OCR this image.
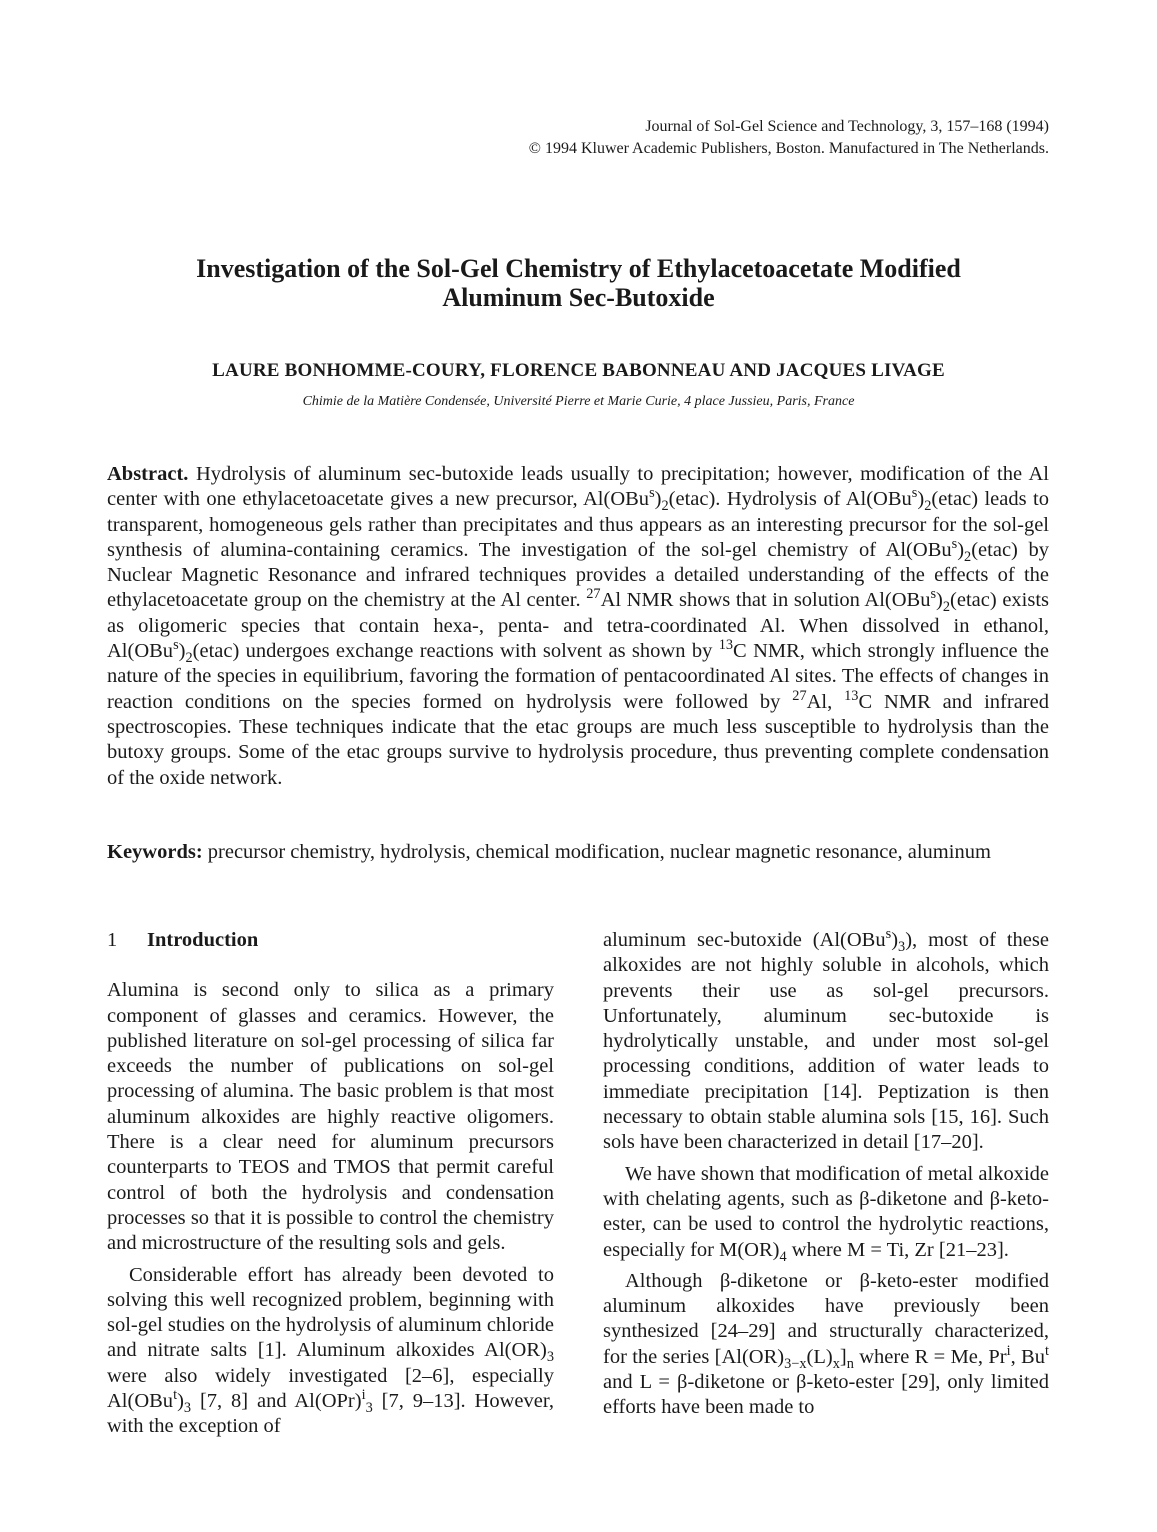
Journal of Sol-Gel Science and Technology, 3, 157–168 (1994)
© 1994 Kluwer Academic Publishers, Boston. Manufactured in The Netherlands.
Investigation of the Sol-Gel Chemistry of Ethylacetoacetate Modified
Aluminum Sec-Butoxide
LAURE BONHOMME-COURY, FLORENCE BABONNEAU AND JACQUES LIVAGE
Chimie de la Matière Condensée, Université Pierre et Marie Curie, 4 place Jussieu, Paris, France
Abstract. Hydrolysis of aluminum sec-butoxide leads usually to precipitation; however, modification of the Al center with one ethylacetoacetate gives a new precursor, $Al(OBu^s)_2(etac)$. Hydrolysis of $Al(OBu^s)_2(etac)$ leads to transparent, homogeneous gels rather than precipitates and thus appears as an interesting precursor for the sol-gel synthesis of alumina-containing ceramics. The investigation of the sol-gel chemistry of $Al(OBu^s)_2(etac)$ by Nuclear Magnetic Resonance and infrared techniques provides a detailed understanding of the effects of the ethylacetoacetate group on the chemistry at the Al center. $^{27}$Al NMR shows that in solution $Al(OBu^s)_2(etac)$ exists as oligomeric species that contain hexa-, penta- and tetra-coordinated Al. When dissolved in ethanol, $Al(OBu^s)_2(etac)$ undergoes exchange reactions with solvent as shown by $^{13}$C NMR, which strongly influence the nature of the species in equilibrium, favoring the formation of pentacoordinated Al sites. The effects of changes in reaction conditions on the species formed on hydrolysis were followed by $^{27}$Al, $^{13}$C NMR and infrared spectroscopies. These techniques indicate that the etac groups are much less susceptible to hydrolysis than the butoxy groups. Some of the etac groups survive to hydrolysis procedure, thus preventing complete condensation of the oxide network.
Keywords: precursor chemistry, hydrolysis, chemical modification, nuclear magnetic resonance, aluminum
1 Introduction

Alumina is second only to silica as a primary component of glasses and ceramics. However, the published literature on sol-gel processing of silica far exceeds the number of publications on sol-gel processing of alumina. The basic problem is that most aluminum alkoxides are highly reactive oligomers. There is a clear need for aluminum precursors counterparts to TEOS and TMOS that permit careful control of both the hydrolysis and condensation processes so that it is possible to control the chemistry and microstructure of the resulting sols and gels.

Considerable effort has already been devoted to solving this well recognized problem, beginning with sol-gel studies on the hydrolysis of aluminum chloride and nitrate salts [1]. Aluminum alkoxides $Al(OR)_3$ were also widely investigated [2–6], especially $Al(OBu^t)_3$ [7, 8] and Al(OPr)$^i_3$ [7, 9–13]. However, with the exception of

aluminum sec-butoxide $(Al(OBu^s)_3)$, most of these alkoxides are not highly soluble in alcohols, which prevents their use as sol-gel precursors. Unfortunately, aluminum sec-butoxide is hydrolytically unstable, and under most sol-gel processing conditions, addition of water leads to immediate precipitation [14]. Peptization is then necessary to obtain stable alumina sols [15, 16]. Such sols have been characterized in detail [17–20].

We have shown that modification of metal alkoxide with chelating agents, such as β-diketone and β-keto-ester, can be used to control the hydrolytic reactions, especially for $M(OR)_4$ where M = Ti, Zr [21–23].

Although β-diketone or β-keto-ester modified aluminum alkoxides have previously been synthesized [24–29] and structurally characterized, for the series $[Al(OR)_{3-x}(L)_x]_n$ where R = Me, Pr$^i$, Bu$^t$ and L = β-diketone or β-keto-ester [29], only limited efforts have been made to
